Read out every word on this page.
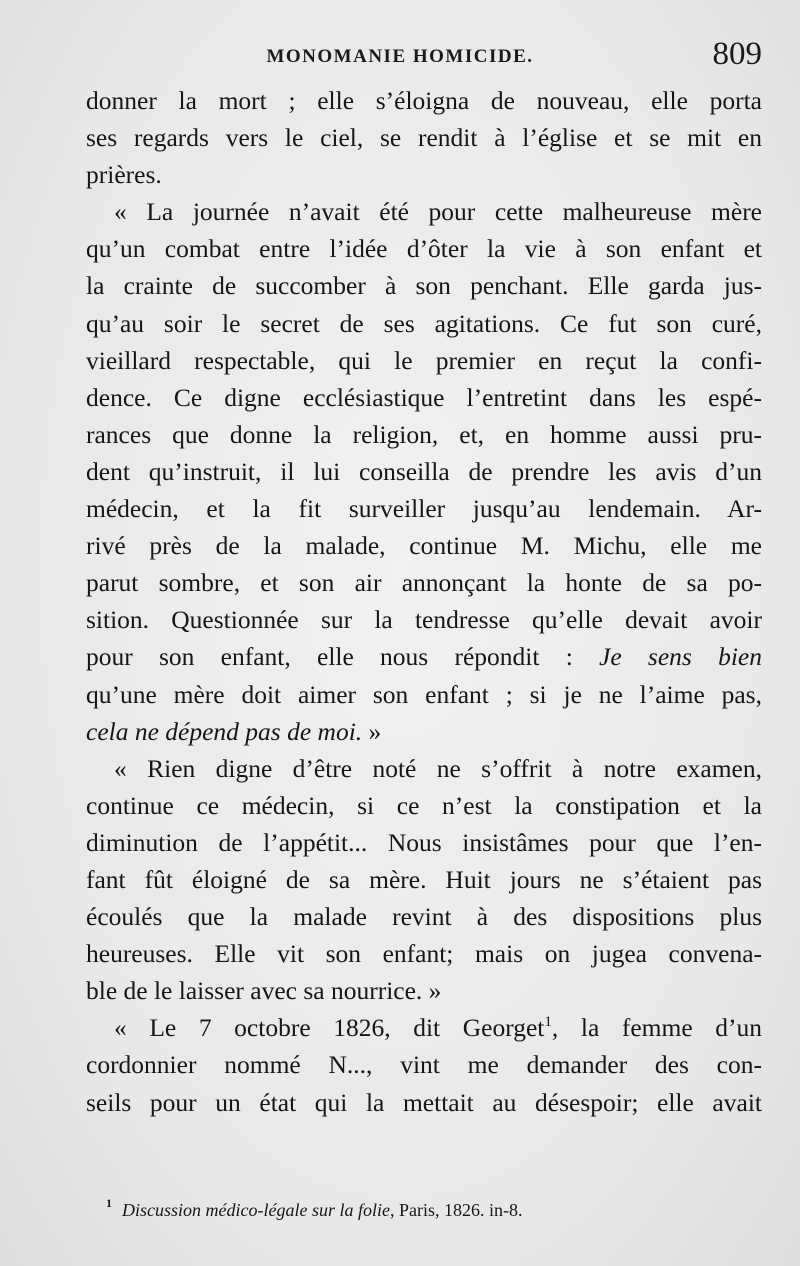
MONOMANIE HOMICIDE.	809
donner la mort ; elle s’éloigna de nouveau, elle porta
ses regards vers le ciel, se rendit à l’église et se mit en
prières.
« La journée n’avait été pour cette malheureuse mère
qu’un combat entre l’idée d’ôter la vie à son enfant et
la crainte de succomber à son penchant. Elle garda jus-
qu’au soir le secret de ses agitations. Ce fut son curé,
vieillard respectable, qui le premier en reçut la confi-
dence. Ce digne ecclésiastique l’entretint dans les espé-
rances que donne la religion, et, en homme aussi pru-
dent qu’instruit, il lui conseilla de prendre les avis d’un
médecin, et la fit surveiller jusqu’au lendemain. Ar-
rivé près de la malade, continue M. Michu, elle me
parut sombre, et son air annonçant la honte de sa po-
sition. Questionnée sur la tendresse qu’elle devait avoir
pour son enfant, elle nous répondit : Je sens bien
qu’une mère doit aimer son enfant ; si je ne l’aime pas,
cela ne dépend pas de moi. »
« Rien digne d’être noté ne s’offrit à notre examen,
continue ce médecin, si ce n’est la constipation et la
diminution de l’appétit... Nous insistâmes pour que l’en-
fant fût éloigné de sa mère. Huit jours ne s’étaient pas
écoulés que la malade revint à des dispositions plus
heureuses. Elle vit son enfant; mais on jugea convena-
ble de le laisser avec sa nourrice. »
« Le 7 octobre 1826, dit Georget$^1$, la femme d’un
cordonnier nommé N..., vint me demander des con-
seils pour un état qui la mettait au désespoir; elle avait
$^1$ Discussion médico-légale sur la folie, Paris, 1826. in-8.
